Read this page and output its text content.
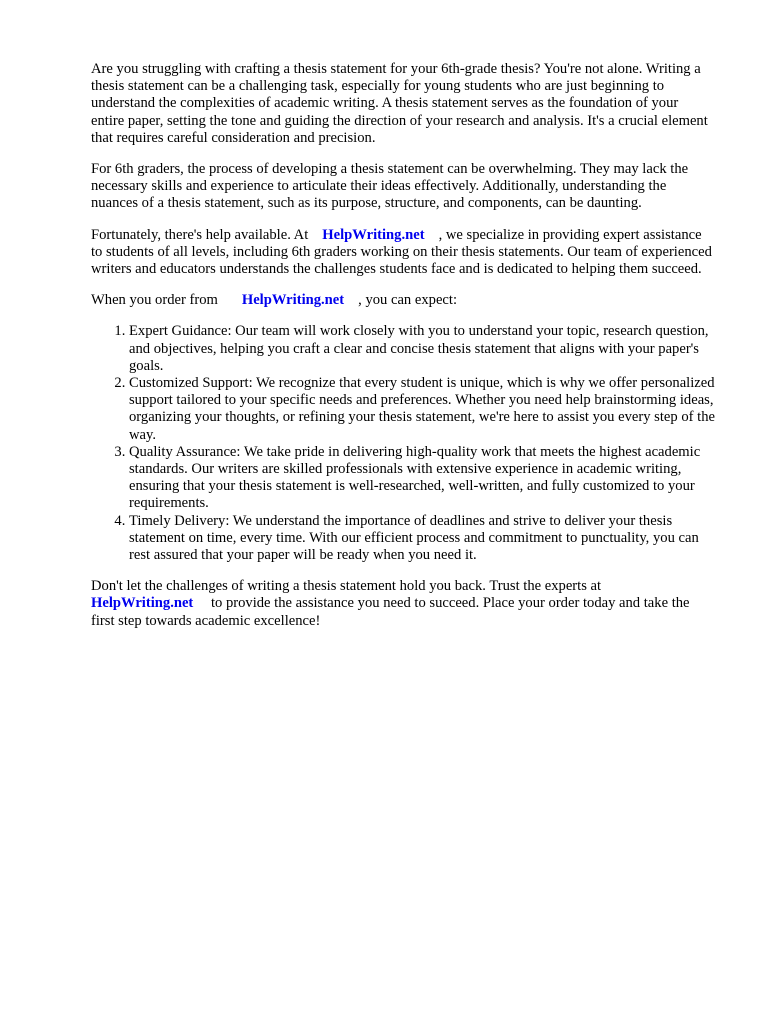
Are you struggling with crafting a thesis statement for your 6th-grade thesis? You're not alone. Writing a thesis statement can be a challenging task, especially for young students who are just beginning to understand the complexities of academic writing. A thesis statement serves as the foundation of your entire paper, setting the tone and guiding the direction of your research and analysis. It's a crucial element that requires careful consideration and precision.

For 6th graders, the process of developing a thesis statement can be overwhelming. They may lack the necessary skills and experience to articulate their ideas effectively. Additionally, understanding the nuances of a thesis statement, such as its purpose, structure, and components, can be daunting.

Fortunately, there's help available. At HelpWriting.net , we specialize in providing expert assistance to students of all levels, including 6th graders working on their thesis statements. Our team of experienced writers and educators understands the challenges students face and is dedicated to helping them succeed.

When you order from HelpWriting.net , you can expect:

1. Expert Guidance: Our team will work closely with you to understand your topic, research question, and objectives, helping you craft a clear and concise thesis statement that aligns with your paper's goals.
2. Customized Support: We recognize that every student is unique, which is why we offer personalized support tailored to your specific needs and preferences. Whether you need help brainstorming ideas, organizing your thoughts, or refining your thesis statement, we're here to assist you every step of the way.
3. Quality Assurance: We take pride in delivering high-quality work that meets the highest academic standards. Our writers are skilled professionals with extensive experience in academic writing, ensuring that your thesis statement is well-researched, well-written, and fully customized to your requirements.
4. Timely Delivery: We understand the importance of deadlines and strive to deliver your thesis statement on time, every time. With our efficient process and commitment to punctuality, you can rest assured that your paper will be ready when you need it.

Don't let the challenges of writing a thesis statement hold you back. Trust the experts at
HelpWriting.net to provide the assistance you need to succeed. Place your order today and take the first step towards academic excellence!
